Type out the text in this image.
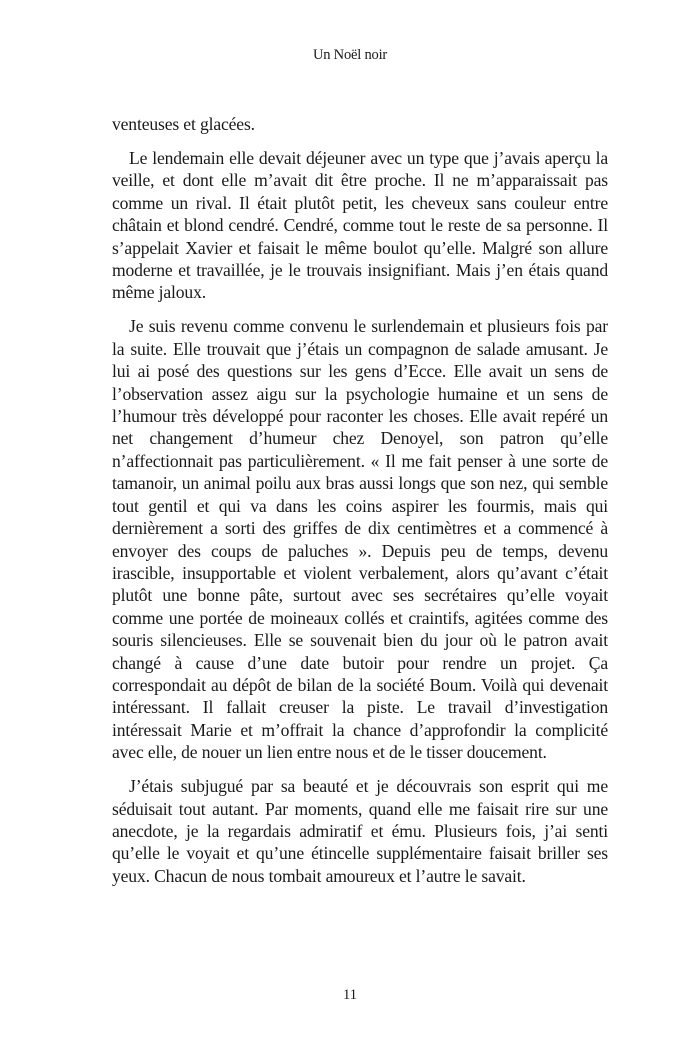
Un Noël noir

venteuses et glacées.

Le lendemain elle devait déjeuner avec un type que j’avais aperçu la veille, et dont elle m’avait dit être proche. Il ne m’apparaissait pas comme un rival. Il était plutôt petit, les cheveux sans couleur entre châtain et blond cendré. Cendré, comme tout le reste de sa personne. Il s’appelait Xavier et faisait le même boulot qu’elle. Malgré son allure moderne et travaillée, je le trouvais insignifiant. Mais j’en étais quand même jaloux.

Je suis revenu comme convenu le surlendemain et plusieurs fois par la suite. Elle trouvait que j’étais un compagnon de salade amusant. Je lui ai posé des questions sur les gens d’Ecce. Elle avait un sens de l’observation assez aigu sur la psychologie humaine et un sens de l’humour très développé pour raconter les choses. Elle avait repéré un net changement d’humeur chez Denoyel, son patron qu’elle n’affectionnait pas particulièrement. « Il me fait penser à une sorte de tamanoir, un animal poilu aux bras aussi longs que son nez, qui semble tout gentil et qui va dans les coins aspirer les fourmis, mais qui dernièrement a sorti des griffes de dix centimètres et a commencé à envoyer des coups de paluches ». Depuis peu de temps, devenu irascible, insupportable et violent verbalement, alors qu’avant c’était plutôt une bonne pâte, surtout avec ses secrétaires qu’elle voyait comme une portée de moineaux collés et craintifs, agitées comme des souris silencieuses. Elle se souvenait bien du jour où le patron avait changé à cause d’une date butoir pour rendre un projet. Ça correspondait au dépôt de bilan de la société Boum. Voilà qui devenait intéressant. Il fallait creuser la piste. Le travail d’investigation intéressait Marie et m’offrait la chance d’approfondir la complicité avec elle, de nouer un lien entre nous et de le tisser doucement.

J’étais subjugué par sa beauté et je découvrais son esprit qui me séduisait tout autant. Par moments, quand elle me faisait rire sur une anecdote, je la regardais admiratif et ému. Plusieurs fois, j’ai senti qu’elle le voyait et qu’une étincelle supplémentaire faisait briller ses yeux. Chacun de nous tombait amoureux et l’autre le savait.

11
